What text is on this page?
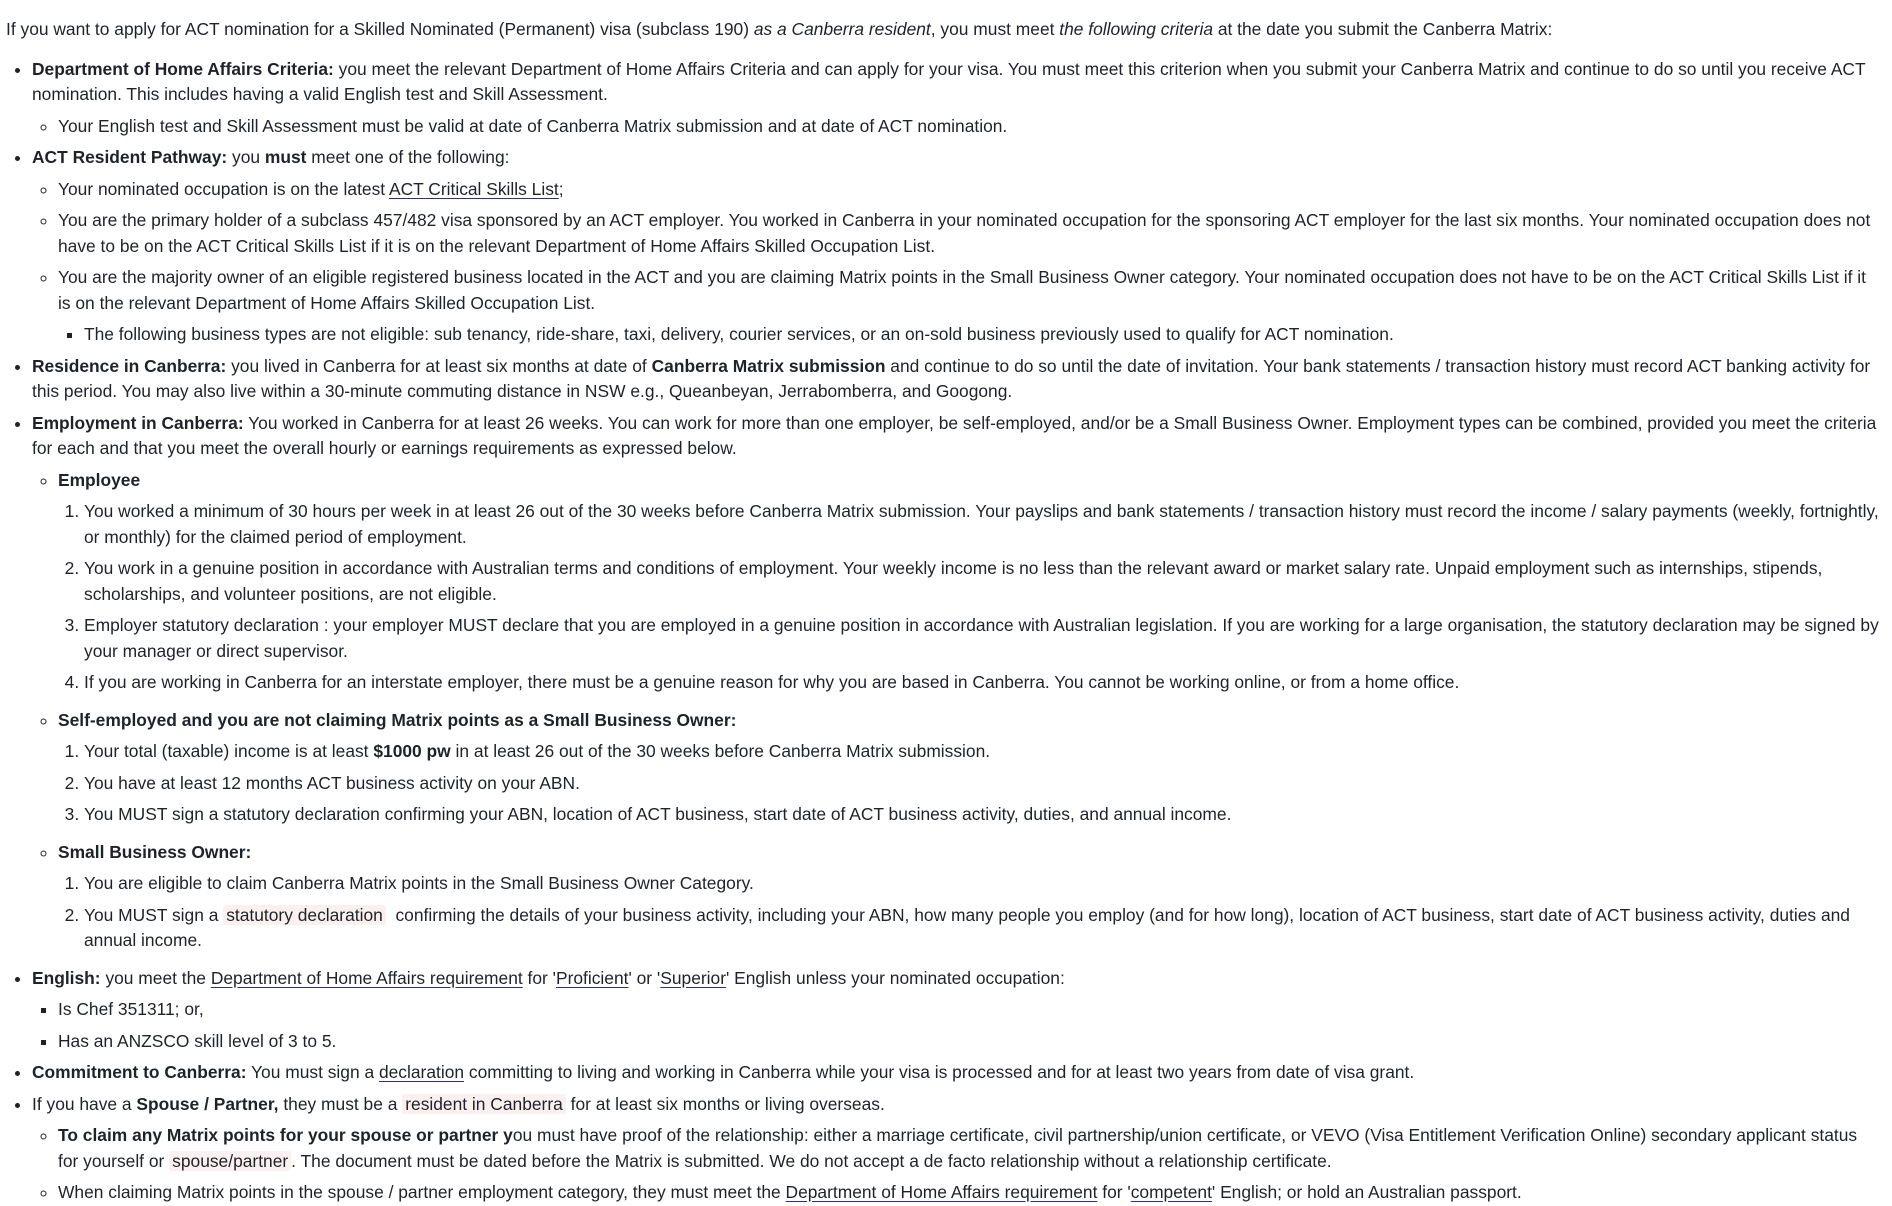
If you want to apply for ACT nomination for a Skilled Nominated (Permanent) visa (subclass 190) as a Canberra resident, you must meet the following criteria at the date you submit the Canberra Matrix:

• Department of Home Affairs Criteria: you meet the relevant Department of Home Affairs Criteria and can apply for your visa. You must meet this criterion when you submit your Canberra Matrix and continue to do so until you receive ACT nomination. This includes having a valid English test and Skill Assessment.
◦ Your English test and Skill Assessment must be valid at date of Canberra Matrix submission and at date of ACT nomination.
• ACT Resident Pathway: you must meet one of the following:
◦ Your nominated occupation is on the latest ACT Critical Skills List;
◦ You are the primary holder of a subclass 457/482 visa sponsored by an ACT employer. You worked in Canberra in your nominated occupation for the sponsoring ACT employer for the last six months. Your nominated occupation does not have to be on the ACT Critical Skills List if it is on the relevant Department of Home Affairs Skilled Occupation List.
◦ You are the majority owner of an eligible registered business located in the ACT and you are claiming Matrix points in the Small Business Owner category. Your nominated occupation does not have to be on the ACT Critical Skills List if it is on the relevant Department of Home Affairs Skilled Occupation List.
▪ The following business types are not eligible: sub tenancy, ride-share, taxi, delivery, courier services, or an on-sold business previously used to qualify for ACT nomination.
• Residence in Canberra: you lived in Canberra for at least six months at date of Canberra Matrix submission and continue to do so until the date of invitation. Your bank statements / transaction history must record ACT banking activity for this period. You may also live within a 30-minute commuting distance in NSW e.g., Queanbeyan, Jerrabomberra, and Googong.
• Employment in Canberra: You worked in Canberra for at least 26 weeks. You can work for more than one employer, be self-employed, and/or be a Small Business Owner. Employment types can be combined, provided you meet the criteria for each and that you meet the overall hourly or earnings requirements as expressed below.
◦ Employee
1. You worked a minimum of 30 hours per week in at least 26 out of the 30 weeks before Canberra Matrix submission. Your payslips and bank statements / transaction history must record the income / salary payments (weekly, fortnightly, or monthly) for the claimed period of employment.
2. You work in a genuine position in accordance with Australian terms and conditions of employment. Your weekly income is no less than the relevant award or market salary rate. Unpaid employment such as internships, stipends, scholarships, and volunteer positions, are not eligible.
3. Employer statutory declaration : your employer MUST declare that you are employed in a genuine position in accordance with Australian legislation. If you are working for a large organisation, the statutory declaration may be signed by your manager or direct supervisor.
4. If you are working in Canberra for an interstate employer, there must be a genuine reason for why you are based in Canberra. You cannot be working online, or from a home office.
◦ Self-employed and you are not claiming Matrix points as a Small Business Owner:
1. Your total (taxable) income is at least $1000 pw in at least 26 out of the 30 weeks before Canberra Matrix submission.
2. You have at least 12 months ACT business activity on your ABN.
3. You MUST sign a statutory declaration confirming your ABN, location of ACT business, start date of ACT business activity, duties, and annual income.
◦ Small Business Owner:
1. You are eligible to claim Canberra Matrix points in the Small Business Owner Category.
2. You MUST sign a statutory declaration  confirming the details of your business activity, including your ABN, how many people you employ (and for how long), location of ACT business, start date of ACT business activity, duties and annual income.
• English: you meet the Department of Home Affairs requirement for 'Proficient' or 'Superior' English unless your nominated occupation:
▪ Is Chef 351311; or,
▪ Has an ANZSCO skill level of 3 to 5.
• Commitment to Canberra: You must sign a declaration committing to living and working in Canberra while your visa is processed and for at least two years from date of visa grant.
• If you have a Spouse / Partner, they must be a resident in Canberra for at least six months or living overseas.
◦ To claim any Matrix points for your spouse or partner you must have proof of the relationship: either a marriage certificate, civil partnership/union certificate, or VEVO (Visa Entitlement Verification Online) secondary applicant status for yourself or spouse/partner . The document must be dated before the Matrix is submitted. We do not accept a de facto relationship without a relationship certificate.
◦ When claiming Matrix points in the spouse / partner employment category, they must meet the Department of Home Affairs requirement for 'competent' English; or hold an Australian passport.
